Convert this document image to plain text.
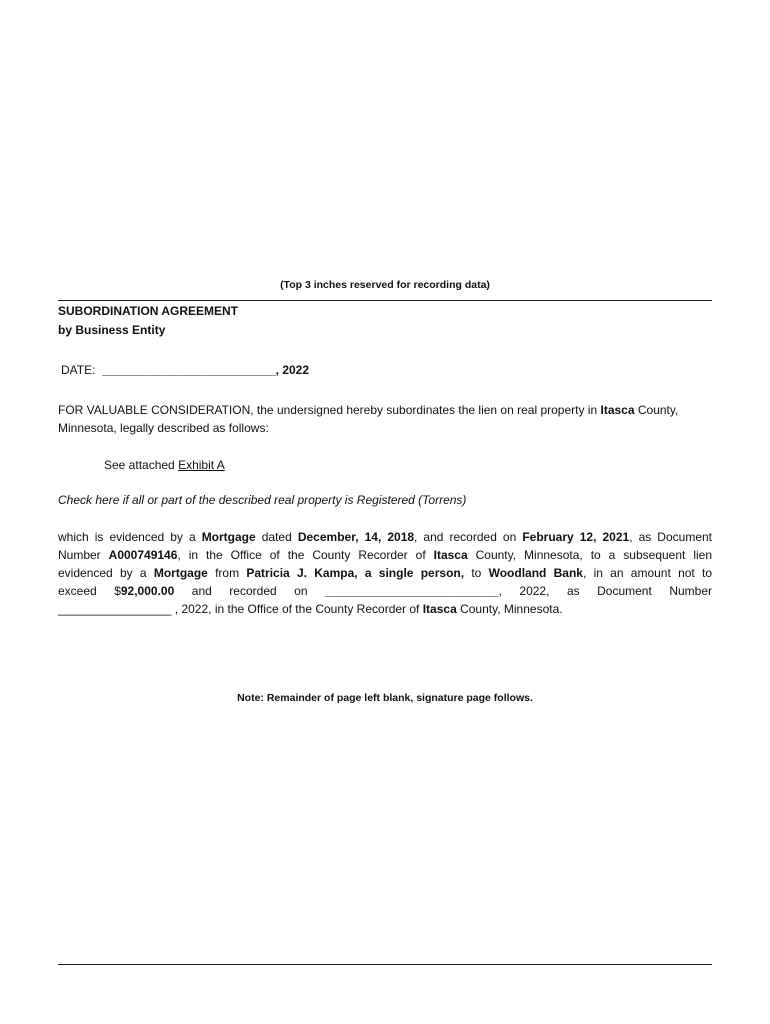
(Top 3 inches reserved for recording data)
SUBORDINATION AGREEMENT
by Business Entity
DATE: __________________________, 2022
FOR VALUABLE CONSIDERATION, the undersigned hereby subordinates the lien on real property in Itasca County, Minnesota, legally described as follows:
See attached Exhibit A
Check here if all or part of the described real property is Registered (Torrens)
which is evidenced by a Mortgage dated December, 14, 2018, and recorded on February 12, 2021, as Document
Number A000749146, in the Office of the County Recorder of Itasca County, Minnesota, to a subsequent lien
evidenced by a Mortgage from Patricia J. Kampa, a single person, to Woodland Bank, in an amount not to
exceed $92,000.00 and recorded on __________________________, 2022, as Document Number
_________________ , 2022, in the Office of the County Recorder of Itasca County, Minnesota.
Note: Remainder of page left blank, signature page follows.
